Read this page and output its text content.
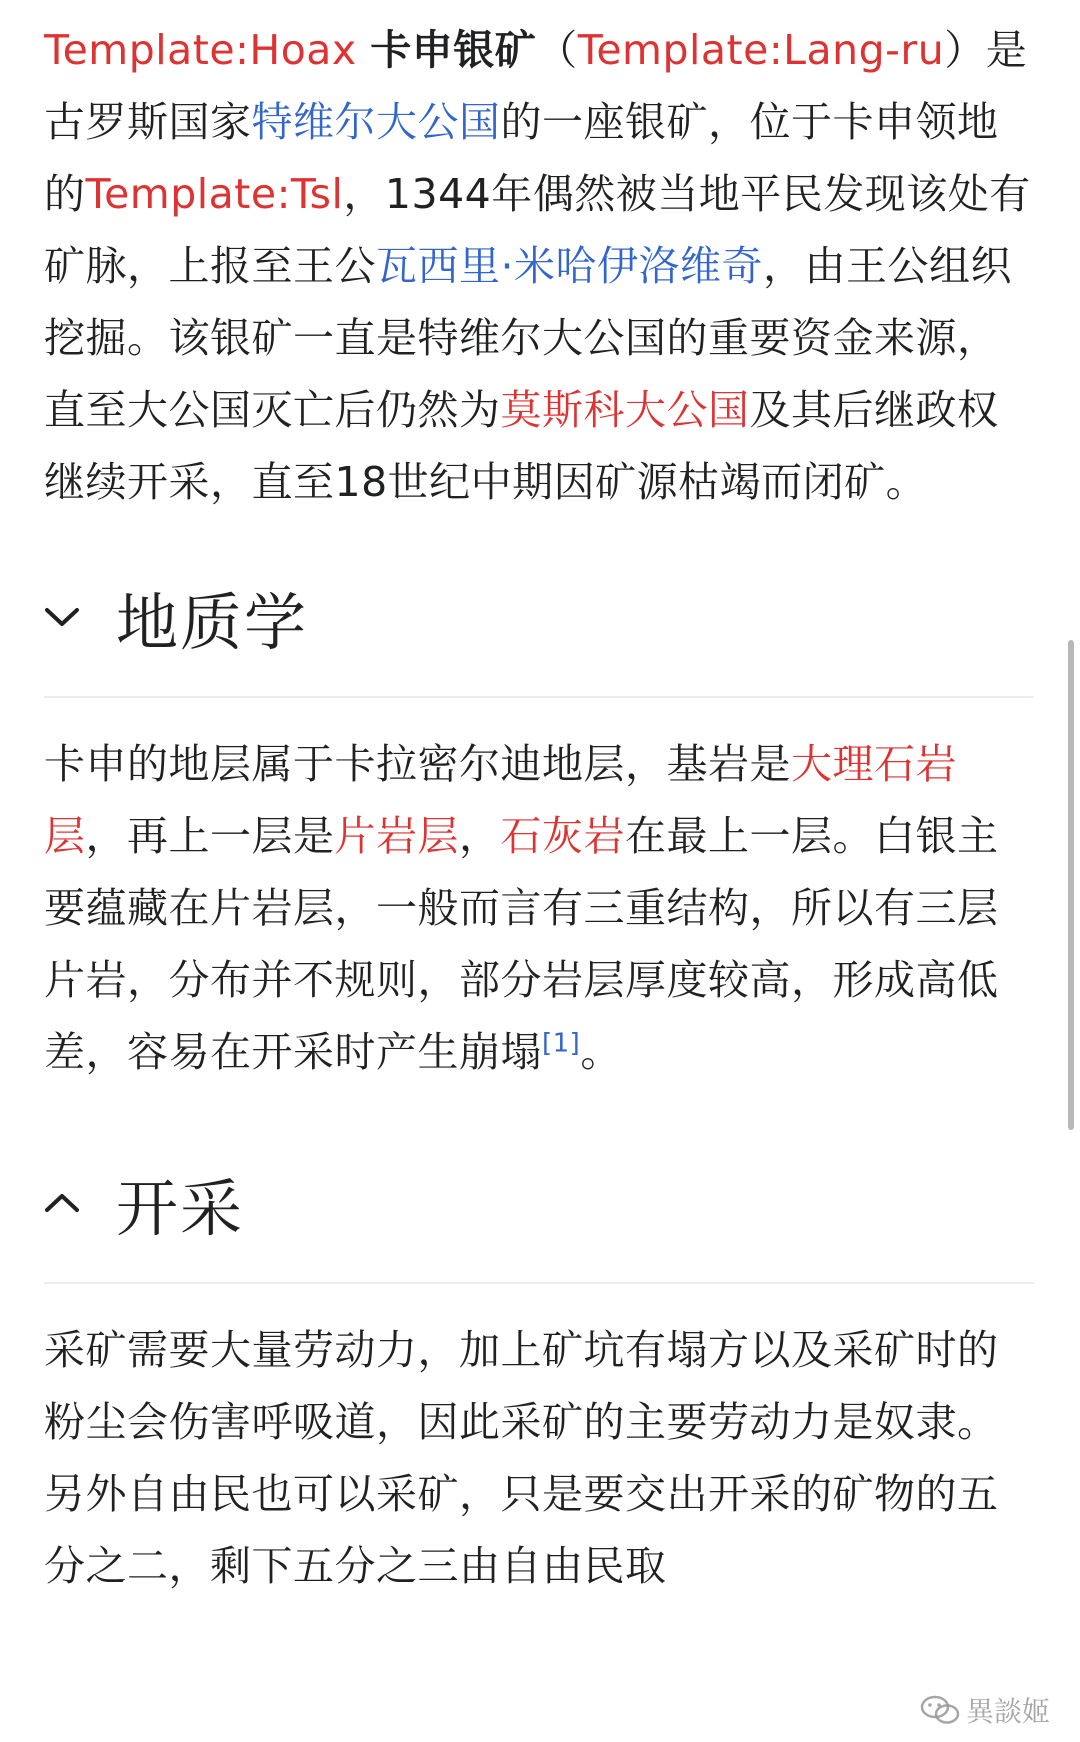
Template:Hoax 卡申银矿（Template:Lang-ru）是古罗斯国家特维尔大公国的一座银矿，位于卡申领地的Template:Tsl，1344年偶然被当地平民发现该处有矿脉，上报至王公瓦西里·米哈伊洛维奇，由王公组织挖掘。该银矿一直是特维尔大公国的重要资金来源，直至大公国灭亡后仍然为莫斯科大公国及其后继政权继续开采，直至18世纪中期因矿源枯竭而闭矿。

地质学

卡申的地层属于卡拉密尔迪地层，基岩是大理石岩层，再上一层是片岩层，石灰岩在最上一层。白银主要蕴藏在片岩层，一般而言有三重结构，所以有三层片岩，分布并不规则，部分岩层厚度较高，形成高低差，容易在开采时产生崩塌[1]。

开采

采矿需要大量劳动力，加上矿坑有塌方以及采矿时的粉尘会伤害呼吸道，因此采矿的主要劳动力是奴隶。另外自由民也可以采矿，只是要交出开采的矿物的五分之二，剩下五分之三由自由民取

異談姬
